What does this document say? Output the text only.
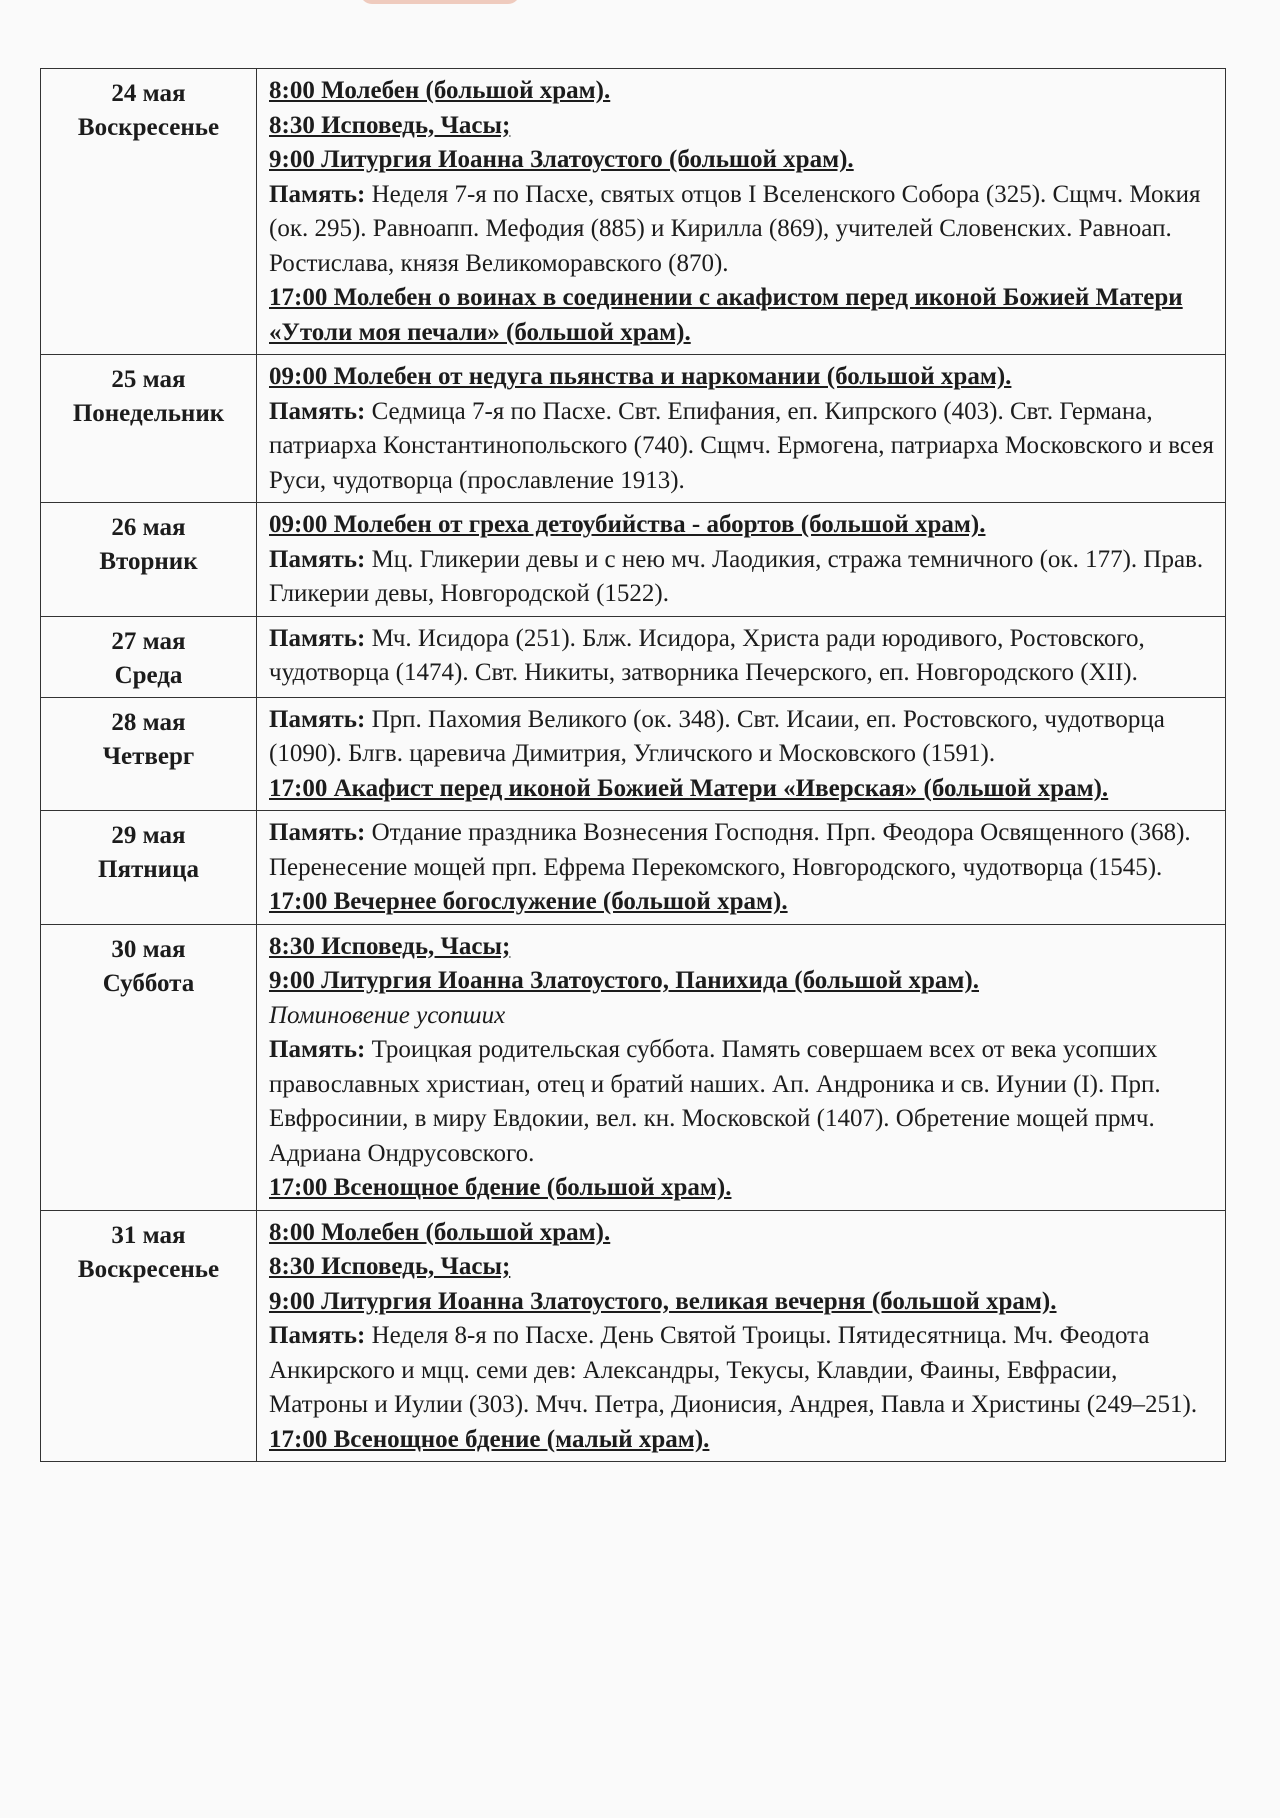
24 мая
Воскресенье	8:00 Молебен (большой храм).
8:30 Исповедь, Часы;
9:00 Литургия Иоанна Златоустого (большой храм).
Память: Неделя 7-я по Пасхе, святых отцов I Вселенского Собора (325). Сщмч. Мокия (ок. 295). Равноапп. Мефодия (885) и Кирилла (869), учителей Словенских. Равноап. Ростислава, князя Великоморавского (870).
17:00 Молебен о воинах в соединении с акафистом перед иконой Божией Матери «Утоли моя печали» (большой храм).

25 мая
Понедельник	09:00 Молебен от недуга пьянства и наркомании (большой храм).
Память: Седмица 7-я по Пасхе. Свт. Епифания, еп. Кипрского (403). Свт. Германа, патриарха Константинопольского (740). Сщмч. Ермогена, патриарха Московского и всея Руси, чудотворца (прославление 1913).

26 мая
Вторник	09:00 Молебен от греха детоубийства - абортов (большой храм).
Память: Мц. Гликерии девы и с нею мч. Лаодикия, стража темничного (ок. 177). Прав. Гликерии девы, Новгородской (1522).

27 мая
Среда	Память: Мч. Исидора (251). Блж. Исидора, Христа ради юродивого, Ростовского, чудотворца (1474). Свт. Никиты, затворника Печерского, еп. Новгородского (XII).

28 мая
Четверг	Память: Прп. Пахомия Великого (ок. 348). Свт. Исаии, еп. Ростовского, чудотворца (1090). Блгв. царевича Димитрия, Угличского и Московского (1591).
17:00 Акафист перед иконой Божией Матери «Иверская» (большой храм).

29 мая
Пятница	Память: Отдание праздника Вознесения Господня. Прп. Феодора Освященного (368). Перенесение мощей прп. Ефрема Перекомского, Новгородского, чудотворца (1545).
17:00 Вечернее богослужение (большой храм).

30 мая
Суббота	8:30 Исповедь, Часы;
9:00 Литургия Иоанна Златоустого, Панихида (большой храм).
Поминовение усопших
Память: Троицкая родительская суббота. Память совершаем всех от века усопших православных христиан, отец и братий наших. Ап. Андроника и св. Иунии (I). Прп. Евфросинии, в миру Евдокии, вел. кн. Московской (1407). Обретение мощей прмч. Адриана Ондрусовского.
17:00 Всенощное бдение (большой храм).

31 мая
Воскресенье	8:00 Молебен (большой храм).
8:30 Исповедь, Часы;
9:00 Литургия Иоанна Златоустого, великая вечерня (большой храм).
Память: Неделя 8-я по Пасхе. День Святой Троицы. Пятидесятница. Мч. Феодота Анкирского и мцц. семи дев: Александры, Текусы, Клавдии, Фаины, Евфрасии, Матроны и Иулии (303). Мчч. Петра, Дионисия, Андрея, Павла и Христины (249–251).
17:00 Всенощное бдение (малый храм).
